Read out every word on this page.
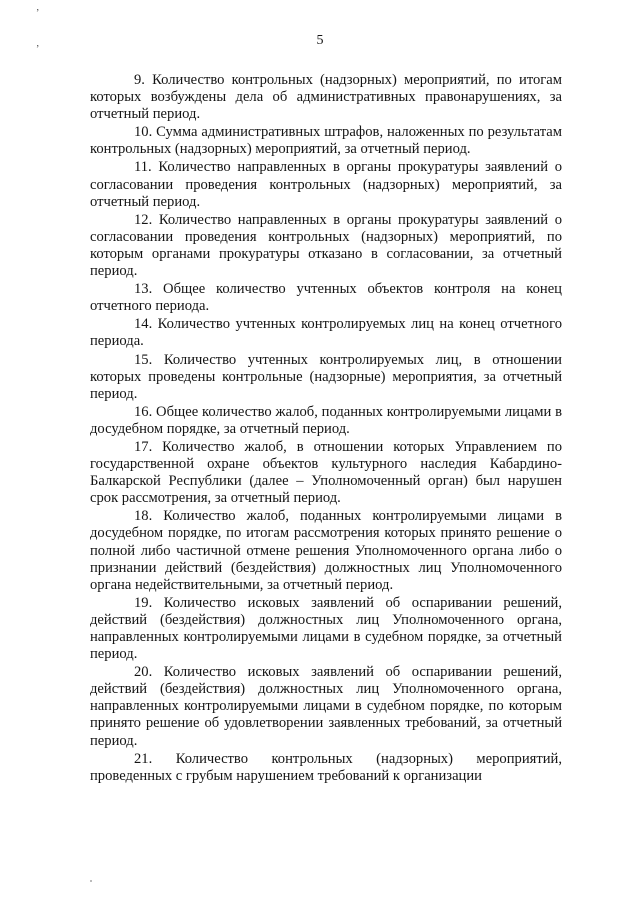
ʼ
ʼ
5

9. Количество контрольных (надзорных) мероприятий, по итогам которых возбуждены дела об административных правонарушениях, за отчетный период.

10. Сумма административных штрафов, наложенных по результатам контрольных (надзорных) мероприятий, за отчетный период.

11. Количество направленных в органы прокуратуры заявлений о согласовании проведения контрольных (надзорных) мероприятий, за отчетный период.

12. Количество направленных в органы прокуратуры заявлений о согласовании проведения контрольных (надзорных) мероприятий, по которым органами прокуратуры отказано в согласовании, за отчетный период.

13. Общее количество учтенных объектов контроля на конец отчетного периода.

14. Количество учтенных контролируемых лиц на конец отчетного периода.

15. Количество учтенных контролируемых лиц, в отношении которых проведены контрольные (надзорные) мероприятия, за отчетный период.

16. Общее количество жалоб, поданных контролируемыми лицами в досудебном порядке, за отчетный период.

17. Количество жалоб, в отношении которых Управлением по государственной охране объектов культурного наследия Кабардино-Балкарской Республики (далее – Уполномоченный орган) был нарушен срок рассмотрения, за отчетный период.

18. Количество жалоб, поданных контролируемыми лицами в досудебном порядке, по итогам рассмотрения которых принято решение о полной либо частичной отмене решения Уполномоченного органа либо о признании действий (бездействия) должностных лиц Уполномоченного органа недействительными, за отчетный период.

19. Количество исковых заявлений об оспаривании решений, действий (бездействия) должностных лиц Уполномоченного органа, направленных контролируемыми лицами в судебном порядке, за отчетный период.

20. Количество исковых заявлений об оспаривании решений, действий (бездействия) должностных лиц Уполномоченного органа, направленных контролируемыми лицами в судебном порядке, по которым принято решение об удовлетворении заявленных требований, за отчетный период.

21. Количество контрольных (надзорных) мероприятий, проведенных с грубым нарушением требований к организации
